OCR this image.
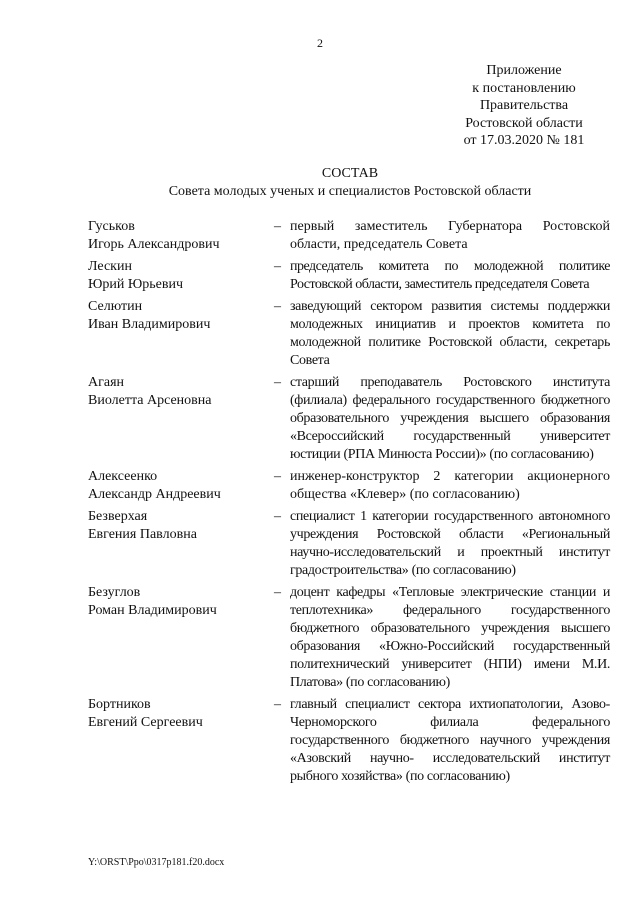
2
Приложение
к постановлению
Правительства
Ростовской области
от 17.03.2020 № 181
СОСТАВ
Совета молодых ученых и специалистов Ростовской области
Гуськов
Игорь Александрович
– первый заместитель Губернатора Ростовской области, председатель Совета
Лескин
Юрий Юрьевич
– председатель комитета по молодежной политике Ростовской области, заместитель председателя Совета
Селютин
Иван Владимирович
– заведующий сектором развития системы поддержки молодежных инициатив и проектов комитета по молодежной политике Ростовской области, секретарь Совета
Агаян
Виолетта Арсеновна
– старший преподаватель Ростовского института (филиала) федерального государственного бюджетного образовательного учреждения высшего образования «Всероссийский государственный университет юстиции (РПА Минюста России)» (по согласованию)
Алексеенко
Александр Андреевич
– инженер-конструктор 2 категории акционерного общества «Клевер» (по согласованию)
Безверхая
Евгения Павловна
– специалист 1 категории государственного автономного учреждения Ростовской области «Региональный научно-исследовательский и проектный институт градостроительства» (по согласованию)
Безуглов
Роман Владимирович
– доцент кафедры «Тепловые электрические станции и теплотехника» федерального государственного бюджетного образовательного учреждения высшего образования «Южно-Российский государственный политехнический университет (НПИ) имени М.И. Платова» (по согласованию)
Бортников
Евгений Сергеевич
– главный специалист сектора ихтиопатологии, Азово-Черноморского филиала федерального государственного бюджетного научного учреждения «Азовский научно- исследовательский институт рыбного хозяйства» (по согласованию)
Y:\ORST\Ppo\0317p181.f20.docx
